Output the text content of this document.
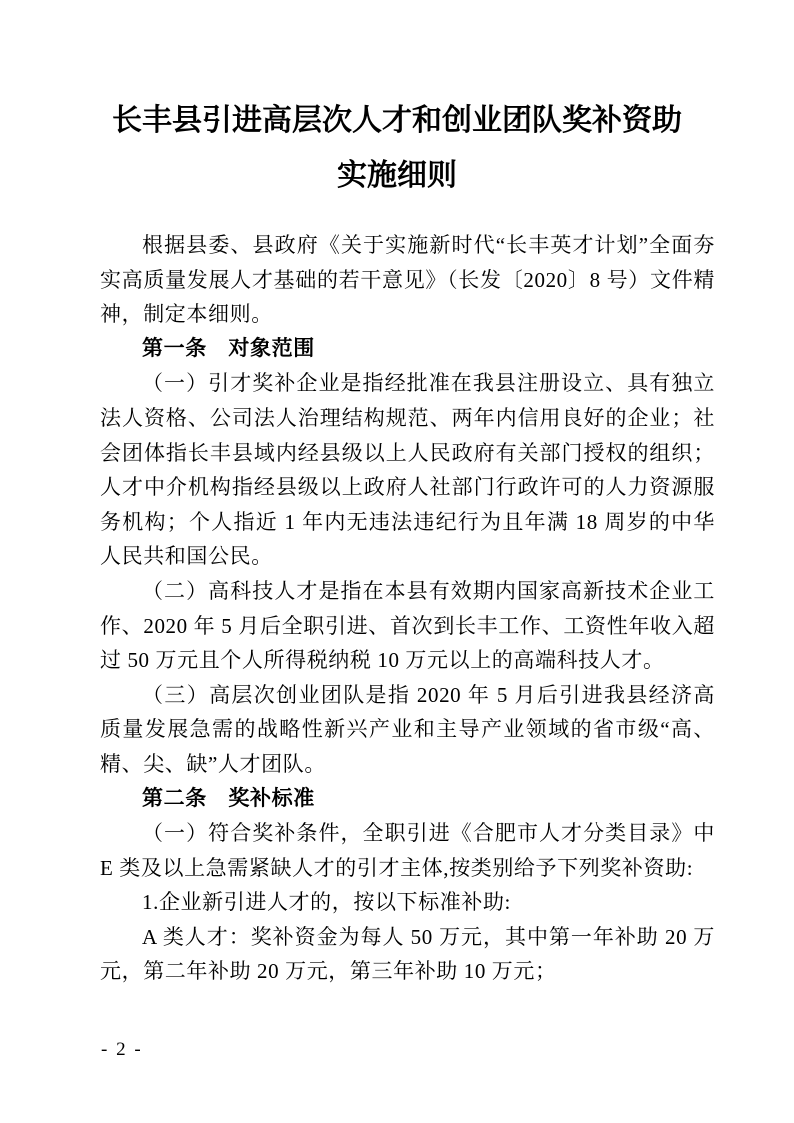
长丰县引进高层次人才和创业团队奖补资助
实施细则

根据县委、县政府《关于实施新时代“长丰英才计划”全面夯实高质量发展人才基础的若干意见》（长发〔2020〕8 号）文件精神，制定本细则。

第一条　对象范围

（一）引才奖补企业是指经批准在我县注册设立、具有独立法人资格、公司法人治理结构规范、两年内信用良好的企业；社会团体指长丰县域内经县级以上人民政府有关部门授权的组织；人才中介机构指经县级以上政府人社部门行政许可的人力资源服务机构；个人指近 1 年内无违法违纪行为且年满 18 周岁的中华人民共和国公民。

（二）高科技人才是指在本县有效期内国家高新技术企业工作、2020 年 5 月后全职引进、首次到长丰工作、工资性年收入超过 50 万元且个人所得税纳税 10 万元以上的高端科技人才。

（三）高层次创业团队是指 2020 年 5 月后引进我县经济高质量发展急需的战略性新兴产业和主导产业领域的省市级“高、精、尖、缺”人才团队。

第二条　奖补标准

（一）符合奖补条件，全职引进《合肥市人才分类目录》中 E 类及以上急需紧缺人才的引才主体,按类别给予下列奖补资助:

1.企业新引进人才的，按以下标准补助:

A 类人才：奖补资金为每人 50 万元，其中第一年补助 20 万元，第二年补助 20 万元，第三年补助 10 万元；

- 2 -
